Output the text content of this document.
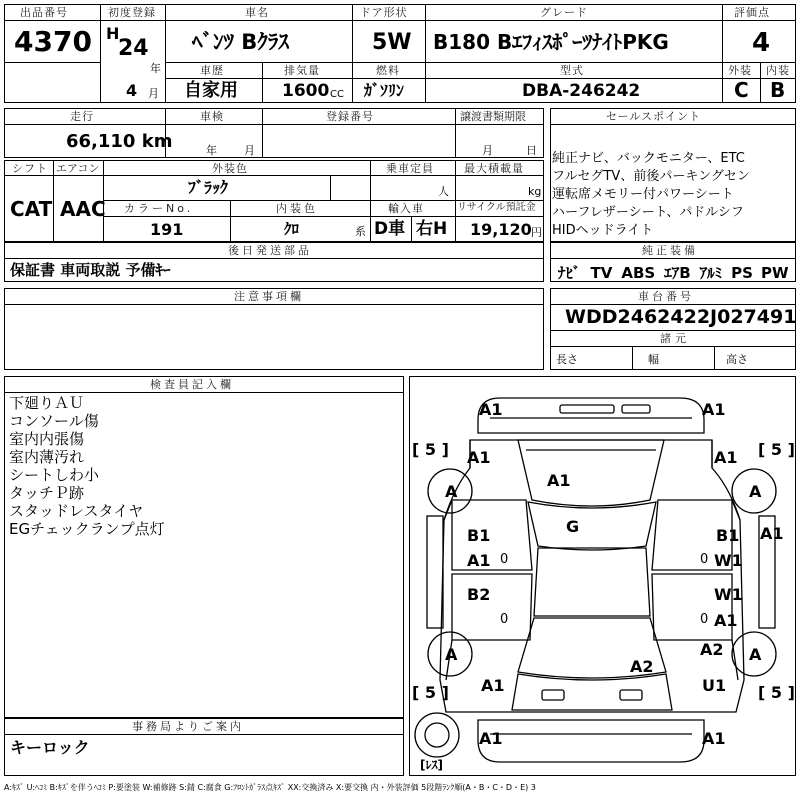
出品番号
4370
初度登録
H
24
年
4 月
車名
ﾍﾞﾝﾂ Bｸﾗｽ
ドア形状
5W
グレード
B180 BｴﾌｨｽﾎﾟｰﾂﾅｲﾄPKG
評価点
4
車歴
自家用
排気量
1600 CC
燃料
ｶﾞｿﾘﾝ
型式
DBA-246242
外装
C
内装
B
走行
66,110 km
車検
年 月
登録番号	譲渡書類期限
月	日
シフト
CAT
エアコン
AAC
外装色
ﾌﾞﾗｯｸ
乗車定員
人
最大積載量
kg
カラーNo.
191
内装色
ｸﾛ	系
輸入車
D車 右H
リサイクル預託金
19,120 円
セールスポイント
純正ナビ、バックモニター、ETC
フルセグTV、前後パーキングセン
運転席メモリー付パワーシート
ハーフレザーシート、パドルシフ
HIDヘッドライト
後日発送部品
保証書 車両取説 予備ｷｰ
純正装備
ﾅﾋﾞ TV ABS ｴｱB ｱﾙﾐ PS PW
注意事項欄	車台番号
WDD2462422J027491
諸元
長さ	幅	高さ
検査員記入欄
下廻りＡＵ
コンソール傷
室内内張傷
室内薄汚れ
シートしわ小
タッチＰ跡
スタッドレスタイヤ
EGチェックランプ点灯
事務局よりご案内
キーロック
A1	A1
[ 5 ]	[ 5 ]
A1	A1
A	A
A1
G
B1	B1 A1
A1 0	0 W1
B2	W1
0	0 A1
A	A
A2
A2
[ 5 ] A1	U1 [ 5 ]
A1	A1
[ﾚｽ]
A:ｷｽﾞ U:ﾍｺﾐ B:ｷｽﾞを伴うﾍｺﾐ P:要塗装 W:補修跡 S:錆 C:腐食 G:ﾌﾛﾝﾄｶﾞﾗｽ点ｷｽﾞ XX:交換済み X:要交換 内・外装評価 5段階ﾗﾝｸ順(A・B・C・D・E) 3
